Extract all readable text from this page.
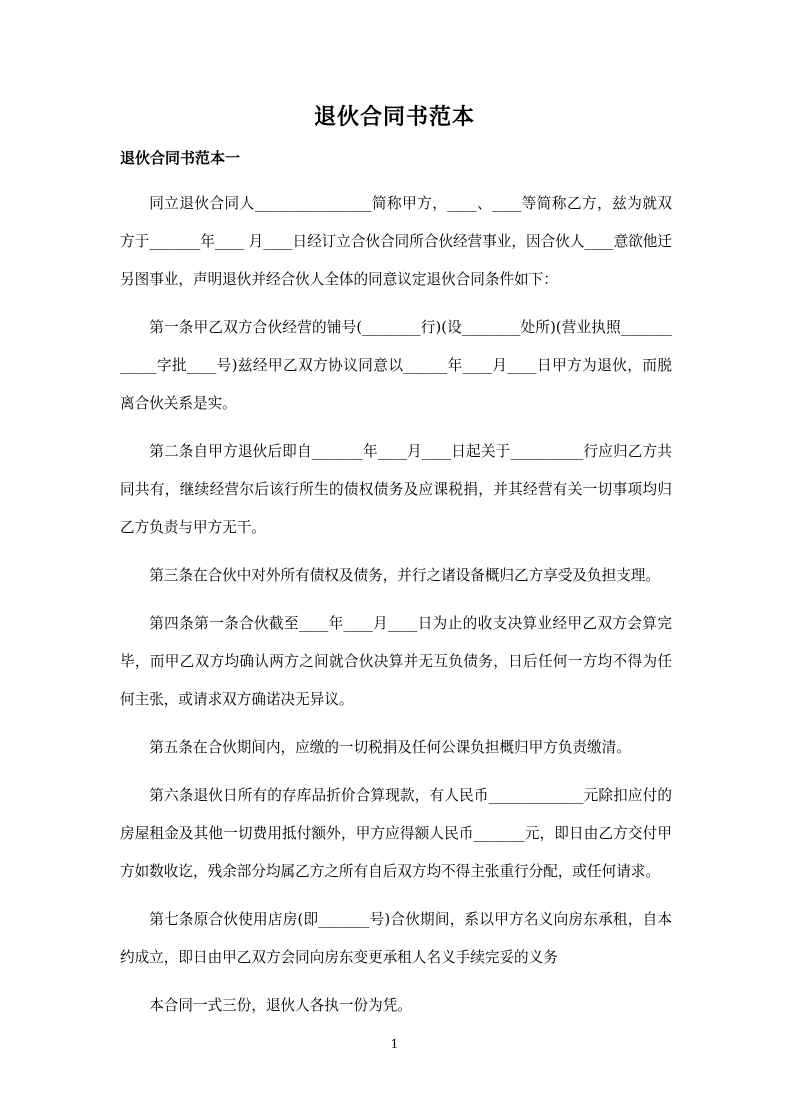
退伙合同书范本
退伙合同书范本一

同立退伙合同人________________简称甲方，____、____等简称乙方，兹为就双方于_______年____ 月____日经订立合伙合同所合伙经营事业，因合伙人____意欲他迁另图事业，声明退伙并经合伙人全体的同意议定退伙合同条件如下：

第一条甲乙双方合伙经营的铺号(________行)(设________处所)(营业执照____________字批____号)兹经甲乙双方协议同意以______年____月____日甲方为退伙，而脱离合伙关系是实。

第二条自甲方退伙后即自_______年____月____日起关于__________行应归乙方共同共有，继续经营尔后该行所生的债权债务及应课税捐，并其经营有关一切事项均归乙方负责与甲方无干。

第三条在合伙中对外所有债权及债务，并行之诸设备概归乙方享受及负担支理。

第四条第一条合伙截至____年____月____日为止的收支决算业经甲乙双方会算完毕，而甲乙双方均确认两方之间就合伙决算并无互负债务，日后任何一方均不得为任何主张，或请求双方确诺决无异议。

第五条在合伙期间内，应缴的一切税捐及任何公课负担概归甲方负责缴清。

第六条退伙日所有的存库品折价合算现款，有人民币_____________元除扣应付的房屋租金及其他一切费用抵付额外，甲方应得额人民币_______元，即日由乙方交付甲方如数收讫，残余部分均属乙方之所有自后双方均不得主张重行分配，或任何请求。

第七条原合伙使用店房(即_______号)合伙期间，系以甲方名义向房东承租，自本约成立，即日由甲乙双方会同向房东变更承租人名义手续完妥的义务

本合同一式三份，退伙人各执一份为凭。

1
